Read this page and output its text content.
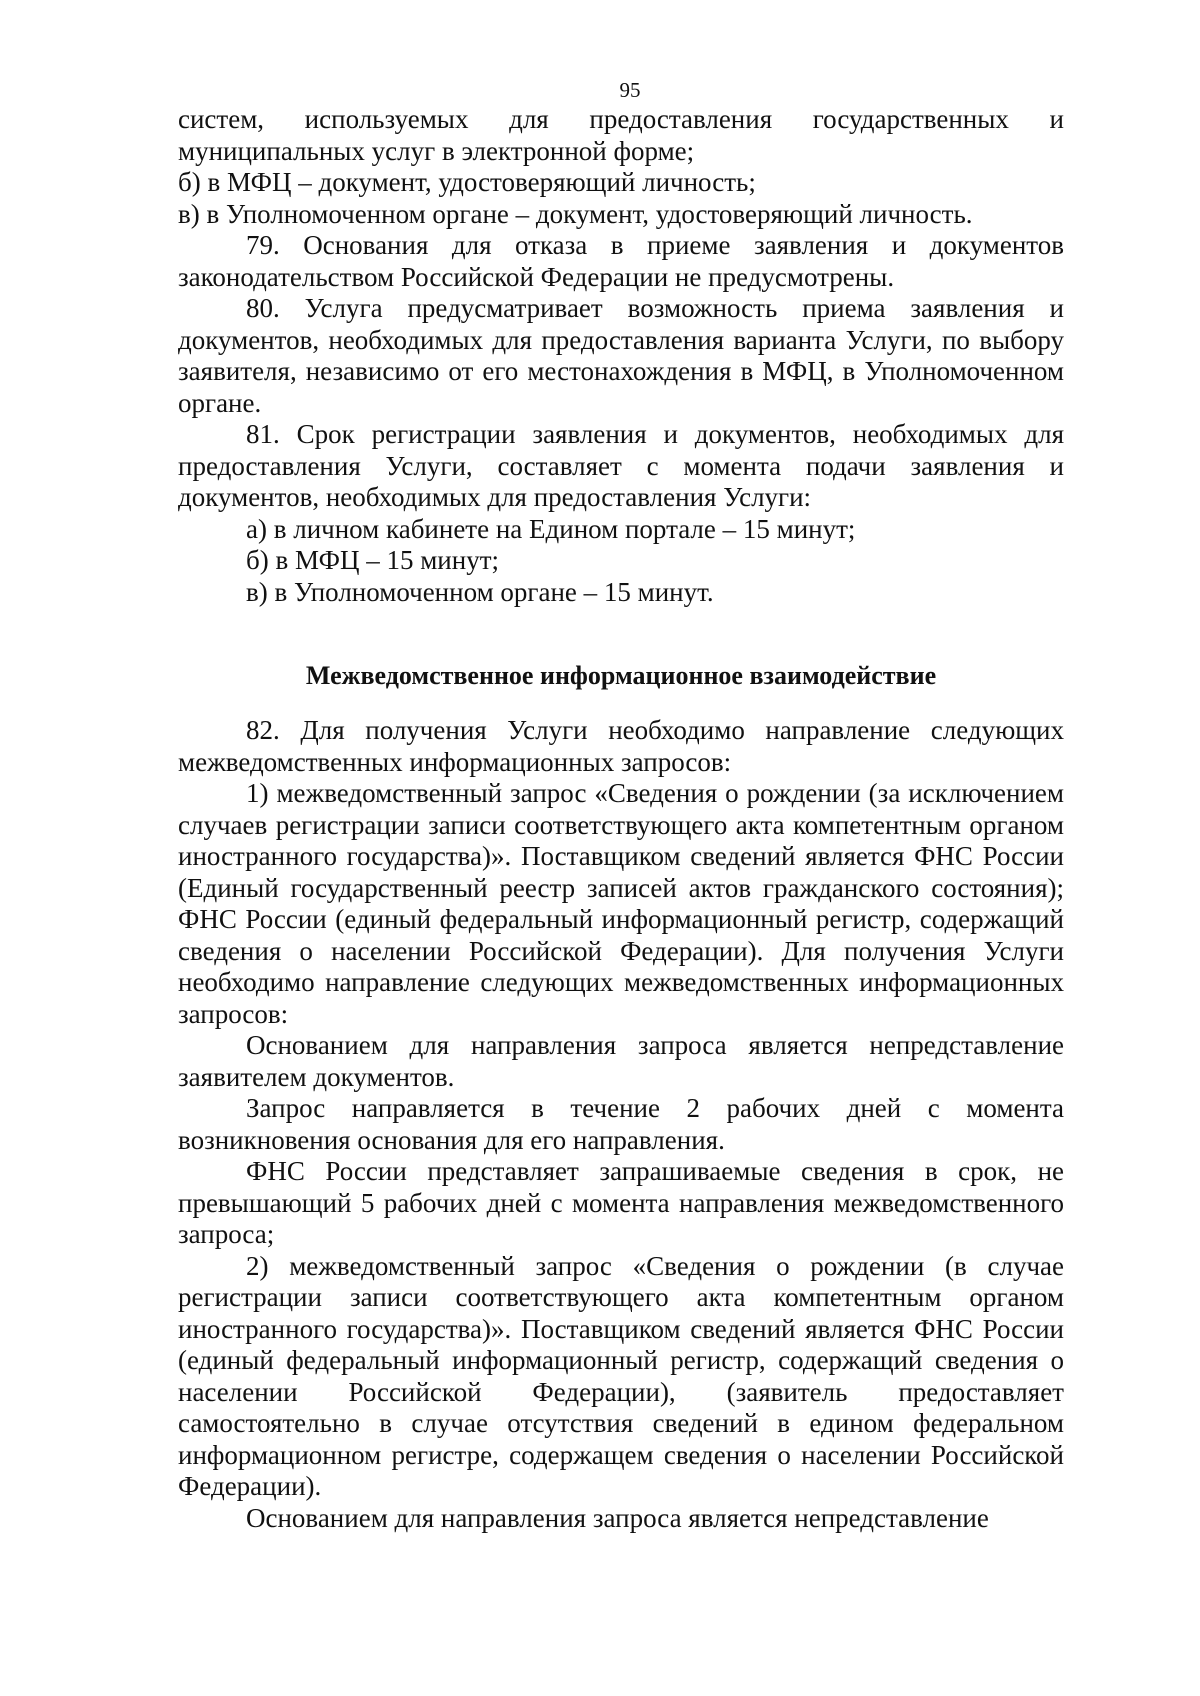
95

систем, используемых для предоставления государственных и муниципальных услуг в электронной форме;

б) в МФЦ – документ, удостоверяющий личность;

в) в Уполномоченном органе – документ, удостоверяющий личность.

79. Основания для отказа в приеме заявления и документов законодательством Российской Федерации не предусмотрены.

80. Услуга предусматривает возможность приема заявления и документов, необходимых для предоставления варианта Услуги, по выбору заявителя, независимо от его местонахождения в МФЦ, в Уполномоченном органе.

81. Срок регистрации заявления и документов, необходимых для предоставления Услуги, составляет с момента подачи заявления и документов, необходимых для предоставления Услуги:

а) в личном кабинете на Едином портале – 15 минут;

б) в МФЦ – 15 минут;

в) в Уполномоченном органе – 15 минут.

Межведомственное информационное взаимодействие

82. Для получения Услуги необходимо направление следующих межведомственных информационных запросов:

1) межведомственный запрос «Сведения о рождении (за исключением случаев регистрации записи соответствующего акта компетентным органом иностранного государства)». Поставщиком сведений является ФНС России (Единый государственный реестр записей актов гражданского состояния); ФНС России (единый федеральный информационный регистр, содержащий сведения о населении Российской Федерации). Для получения Услуги необходимо направление следующих межведомственных информационных запросов:

Основанием для направления запроса является непредставление заявителем документов.

Запрос направляется в течение 2 рабочих дней с момента возникновения основания для его направления.

ФНС России представляет запрашиваемые сведения в срок, не превышающий 5 рабочих дней с момента направления межведомственного запроса;

2) межведомственный запрос «Сведения о рождении (в случае регистрации записи соответствующего акта компетентным органом иностранного государства)». Поставщиком сведений является ФНС России (единый федеральный информационный регистр, содержащий сведения о населении Российской Федерации), (заявитель предоставляет самостоятельно в случае отсутствия сведений в едином федеральном информационном регистре, содержащем сведения о населении Российской Федерации).

Основанием для направления запроса является непредставление
